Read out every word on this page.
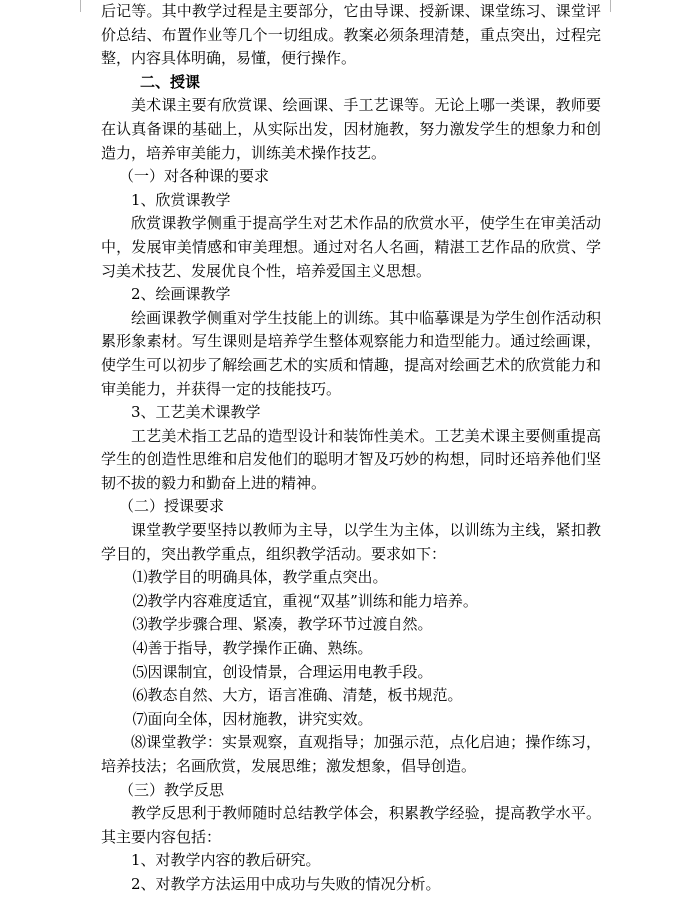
后记等。其中教学过程是主要部分，它由导课、授新课、课堂练习、课堂评价总结、布置作业等几个一切组成。教案必须条理清楚，重点突出，过程完整，内容具体明确，易懂，便行操作。

二、授课

美术课主要有欣赏课、绘画课、手工艺课等。无论上哪一类课，教师要在认真备课的基础上，从实际出发，因材施教，努力激发学生的想象力和创造力，培养审美能力，训练美术操作技艺。

（一）对各种课的要求

1、欣赏课教学

欣赏课教学侧重于提高学生对艺术作品的欣赏水平，使学生在审美活动中，发展审美情感和审美理想。通过对名人名画，精湛工艺作品的欣赏、学习美术技艺、发展优良个性，培养爱国主义思想。

2、绘画课教学

绘画课教学侧重对学生技能上的训练。其中临摹课是为学生创作活动积累形象素材。写生课则是培养学生整体观察能力和造型能力。通过绘画课，使学生可以初步了解绘画艺术的实质和情趣，提高对绘画艺术的欣赏能力和审美能力，并获得一定的技能技巧。

3、工艺美术课教学

工艺美术指工艺品的造型设计和装饰性美术。工艺美术课主要侧重提高学生的创造性思维和启发他们的聪明才智及巧妙的构想，同时还培养他们坚韧不拔的毅力和勤奋上进的精神。

（二）授课要求

课堂教学要坚持以教师为主导，以学生为主体，以训练为主线，紧扣教学目的，突出教学重点，组织教学活动。要求如下：

⑴教学目的明确具体，教学重点突出。

⑵教学内容难度适宜，重视“双基”训练和能力培养。

⑶教学步骤合理、紧凑，教学环节过渡自然。

⑷善于指导，教学操作正确、熟练。

⑸因课制宜，创设情景，合理运用电教手段。

⑹教态自然、大方，语言准确、清楚，板书规范。

⑺面向全体，因材施教，讲究实效。

⑻课堂教学：实景观察，直观指导；加强示范，点化启迪；操作练习，培养技法；名画欣赏，发展思维；激发想象，倡导创造。

（三）教学反思

教学反思利于教师随时总结教学体会，积累教学经验，提高教学水平。其主要内容包括：

1、对教学内容的教后研究。

2、对教学方法运用中成功与失败的情况分析。
